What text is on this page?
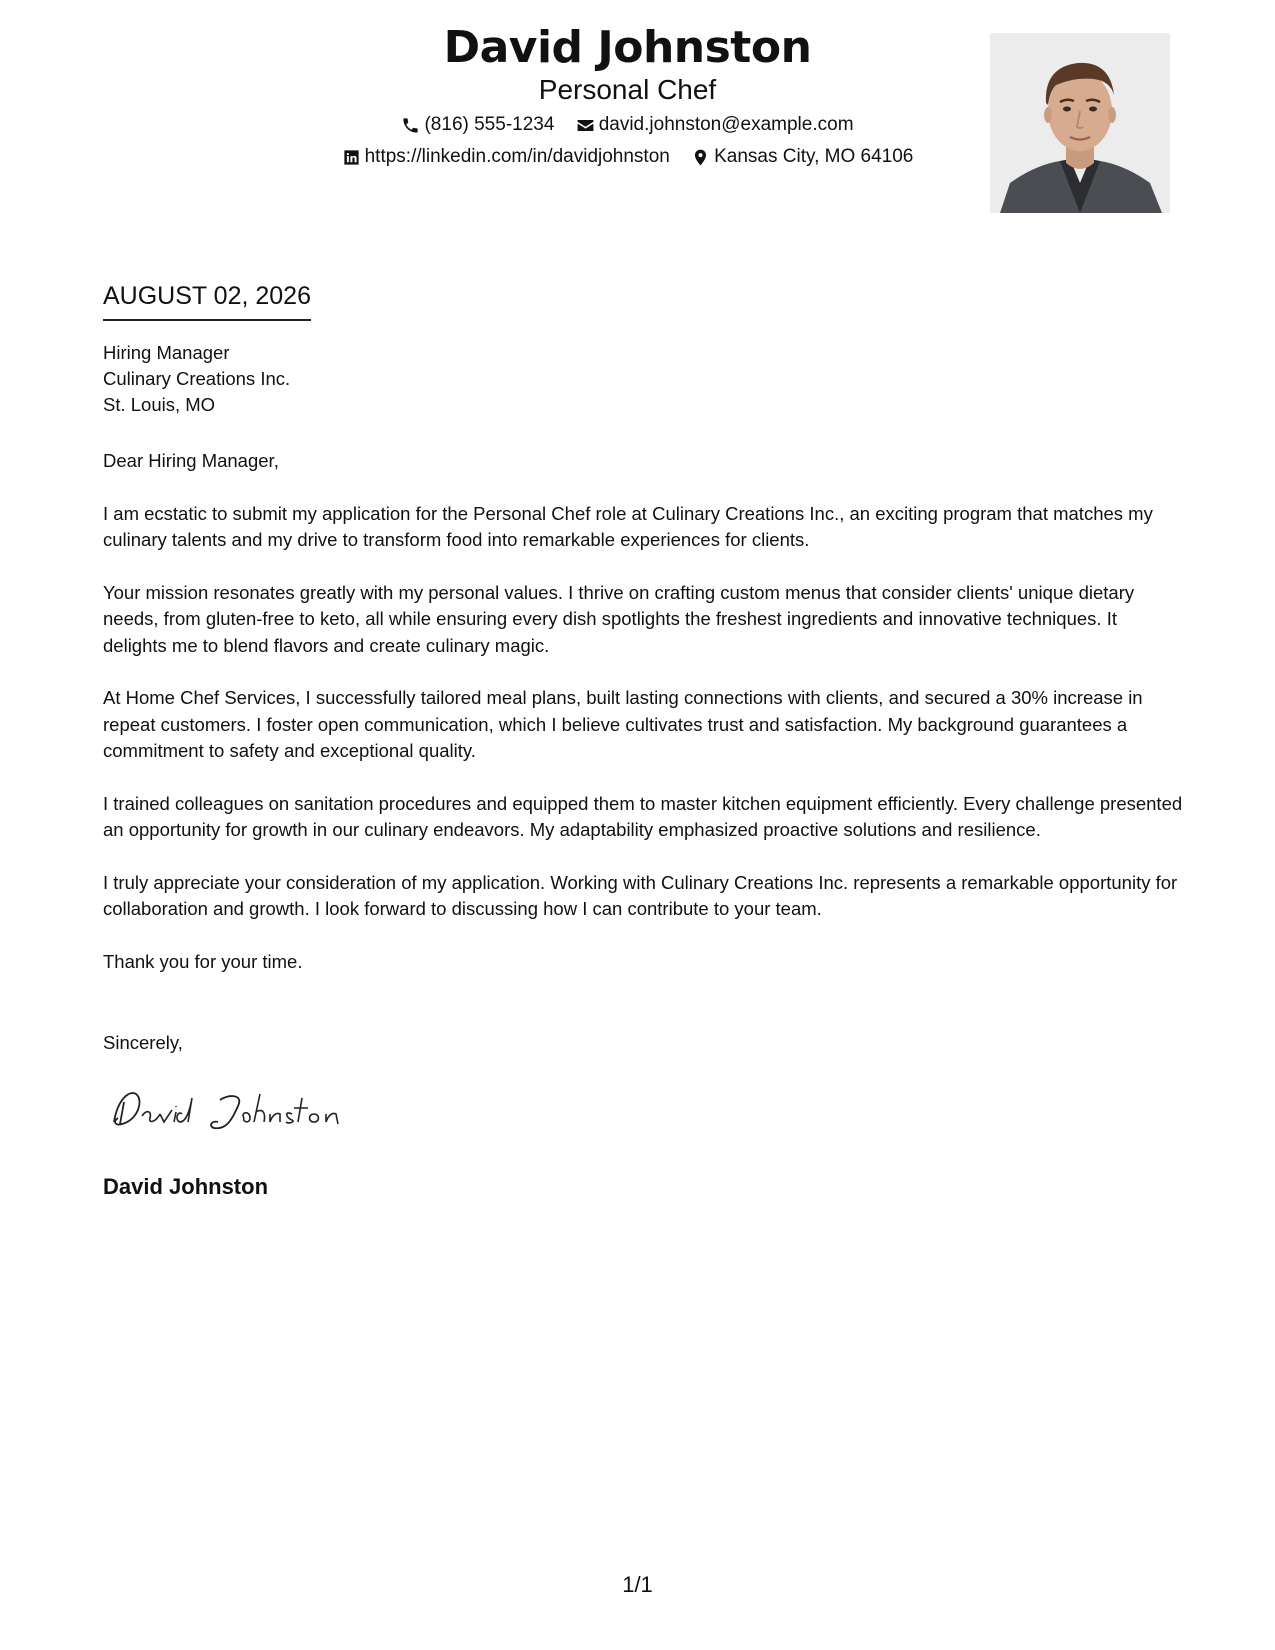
David Johnston
Personal Chef
(816) 555-1234
david.johnston@example.com
https://linkedin.com/in/davidjohnston
Kansas City, MO 64106
AUGUST 02, 2026
Hiring Manager
Culinary Creations Inc.
St. Louis, MO

Dear Hiring Manager,

I am ecstatic to submit my application for the Personal Chef role at Culinary Creations Inc., an exciting program that matches my culinary talents and my drive to transform food into remarkable experiences for clients.

Your mission resonates greatly with my personal values. I thrive on crafting custom menus that consider clients' unique dietary needs, from gluten-free to keto, all while ensuring every dish spotlights the freshest ingredients and innovative techniques. It delights me to blend flavors and create culinary magic.

At Home Chef Services, I successfully tailored meal plans, built lasting connections with clients, and secured a 30% increase in repeat customers. I foster open communication, which I believe cultivates trust and satisfaction. My background guarantees a commitment to safety and exceptional quality.

I trained colleagues on sanitation procedures and equipped them to master kitchen equipment efficiently. Every challenge presented an opportunity for growth in our culinary endeavors. My adaptability emphasized proactive solutions and resilience.

I truly appreciate your consideration of my application. Working with Culinary Creations Inc. represents a remarkable opportunity for collaboration and growth. I look forward to discussing how I can contribute to your team.

Thank you for your time.

Sincerely,
David Johnston
1/1
